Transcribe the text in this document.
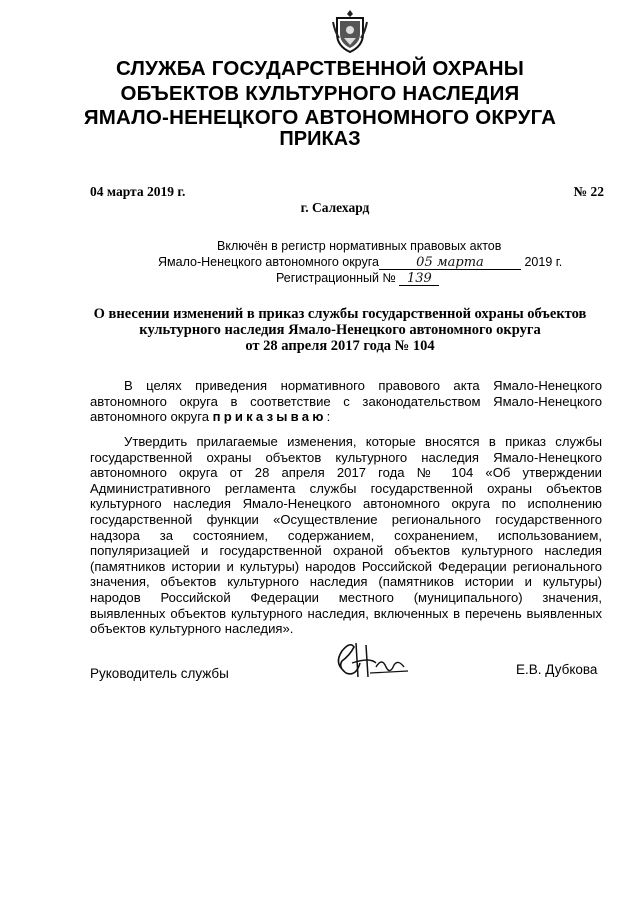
СЛУЖБА ГОСУДАРСТВЕННОЙ ОХРАНЫ
ОБЪЕКТОВ КУЛЬТУРНОГО НАСЛЕДИЯ
ЯМАЛО-НЕНЕЦКОГО АВТОНОМНОГО ОКРУГА
ПРИКАЗ
04 марта 2019 г.	№ 22
г. Салехард
Включён в регистр нормативных правовых актов
Ямало-Ненецкого автономного округа	05 марта	2019 г.
Регистрационный № 139
О внесении изменений в приказ службы государственной охраны объектов
культурного наследия Ямало-Ненецкого автономного округа
от 28 апреля 2017 года № 104
В целях приведения нормативного правового акта Ямало-Ненецкого
автономного округа в соответствие с законодательством Ямало-Ненецкого
автономного округа приказываю:
Утвердить прилагаемые изменения, которые вносятся в приказ службы
государственной охраны объектов культурного наследия Ямало-Ненецкого
автономного округа от 28 апреля 2017 года № 104 «Об утверждении
Административного регламента службы государственной охраны объектов
культурного наследия Ямало-Ненецкого автономного округа по исполнению
государственной функции «Осуществление регионального государственного
надзора за состоянием, содержанием, сохранением, использованием,
популяризацией и государственной охраной объектов культурного наследия
(памятников истории и культуры) народов Российской Федерации регионального
значения, объектов культурного наследия (памятников истории и культуры)
народов Российской Федерации местного (муниципального) значения,
выявленных объектов культурного наследия, включенных в перечень выявленных
объектов культурного наследия».
Руководитель службы	Е.В. Дубкова
